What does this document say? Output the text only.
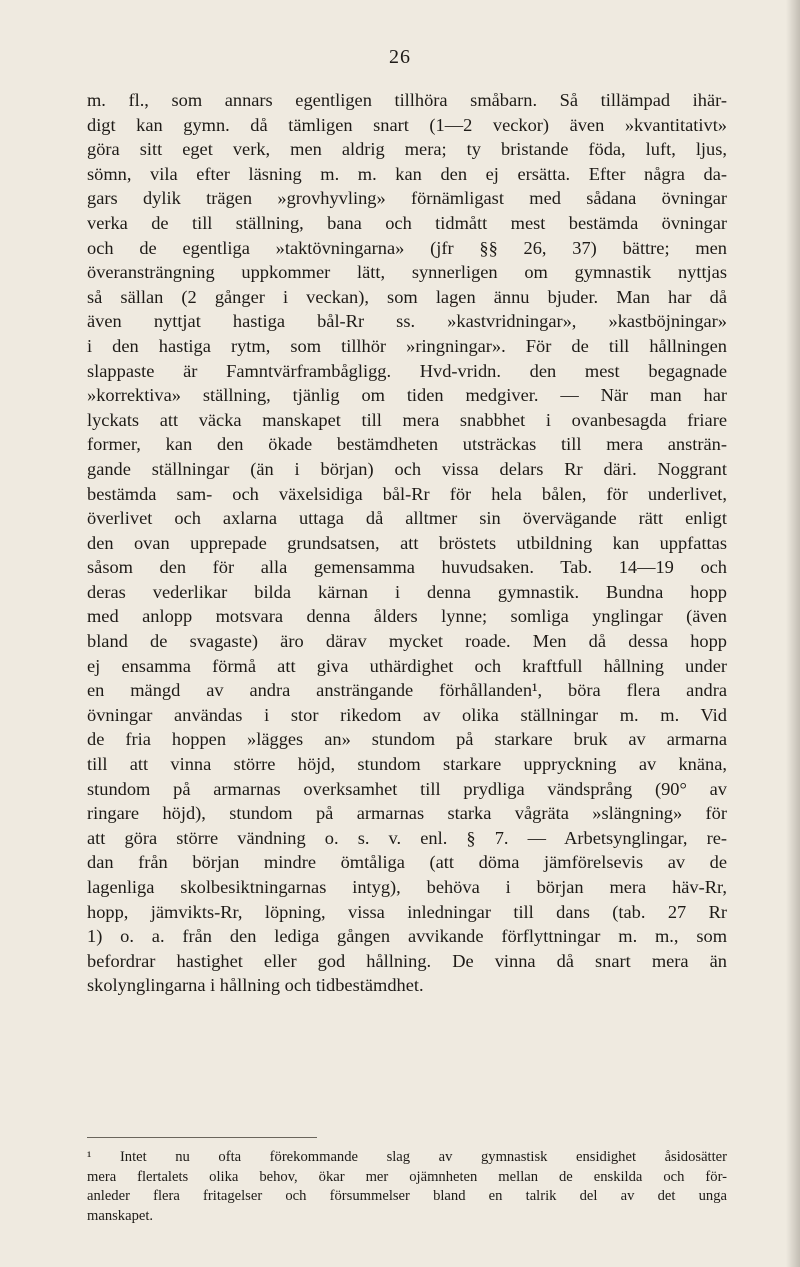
26
m. fl., som annars egentligen tillhöra småbarn. Så tillämpad ihär-
digt kan gymn. då tämligen snart (1—2 veckor) även »kvantitativt»
göra sitt eget verk, men aldrig mera; ty bristande föda, luft, ljus,
sömn, vila efter läsning m. m. kan den ej ersätta. Efter några da-
gars dylik trägen »grovhyvling» förnämligast med sådana övningar
verka de till ställning, bana och tidmått mest bestämda övningar
och de egentliga »taktövningarna» (jfr §§ 26, 37) bättre; men
överansträngning uppkommer lätt, synnerligen om gymnastik nyttjas
så sällan (2 gånger i veckan), som lagen ännu bjuder. Man har då
även nyttjat hastiga bål-Rr ss. »kastvridningar», »kastböjningar»
i den hastiga rytm, som tillhör »ringningar». För de till hållningen
slappaste är Famntvärframbågligg. Hvd-vridn. den mest begagnade
»korrektiva» ställning, tjänlig om tiden medgiver. — När man har
lyckats att väcka manskapet till mera snabbhet i ovanbesagda friare
former, kan den ökade bestämdheten utsträckas till mera ansträn-
gande ställningar (än i början) och vissa delars Rr däri. Noggrant
bestämda sam- och växelsidiga bål-Rr för hela bålen, för underlivet,
överlivet och axlarna uttaga då alltmer sin övervägande rätt enligt
den ovan upprepade grundsatsen, att bröstets utbildning kan uppfattas
såsom den för alla gemensamma huvudsaken. Tab. 14—19 och
deras vederlikar bilda kärnan i denna gymnastik. Bundna hopp
med anlopp motsvara denna ålders lynne; somliga ynglingar (även
bland de svagaste) äro därav mycket roade. Men då dessa hopp
ej ensamma förmå att giva uthärdighet och kraftfull hållning under
en mängd av andra ansträngande förhållanden¹, böra flera andra
övningar användas i stor rikedom av olika ställningar m. m. Vid
de fria hoppen »lägges an» stundom på starkare bruk av armarna
till att vinna större höjd, stundom starkare uppryckning av knäna,
stundom på armarnas overksamhet till prydliga vändsprång (90° av
ringare höjd), stundom på armarnas starka vågräta »slängning» för
att göra större vändning o. s. v. enl. § 7. — Arbetsynglingar, re-
dan från början mindre ömtåliga (att döma jämförelsevis av de
lagenliga skolbesiktningarnas intyg), behöva i början mera häv-Rr,
hopp, jämvikts-Rr, löpning, vissa inledningar till dans (tab. 27 Rr
1) o. a. från den lediga gången avvikande förflyttningar m. m., som
befordrar hastighet eller god hållning. De vinna då snart mera än
skolynglingarna i hållning och tidbestämdhet.
¹ Intet nu ofta förekommande slag av gymnastisk ensidighet åsidosätter
mera flertalets olika behov, ökar mer ojämnheten mellan de enskilda och för-
anleder flera fritagelser och försummelser bland en talrik del av det unga
manskapet.
